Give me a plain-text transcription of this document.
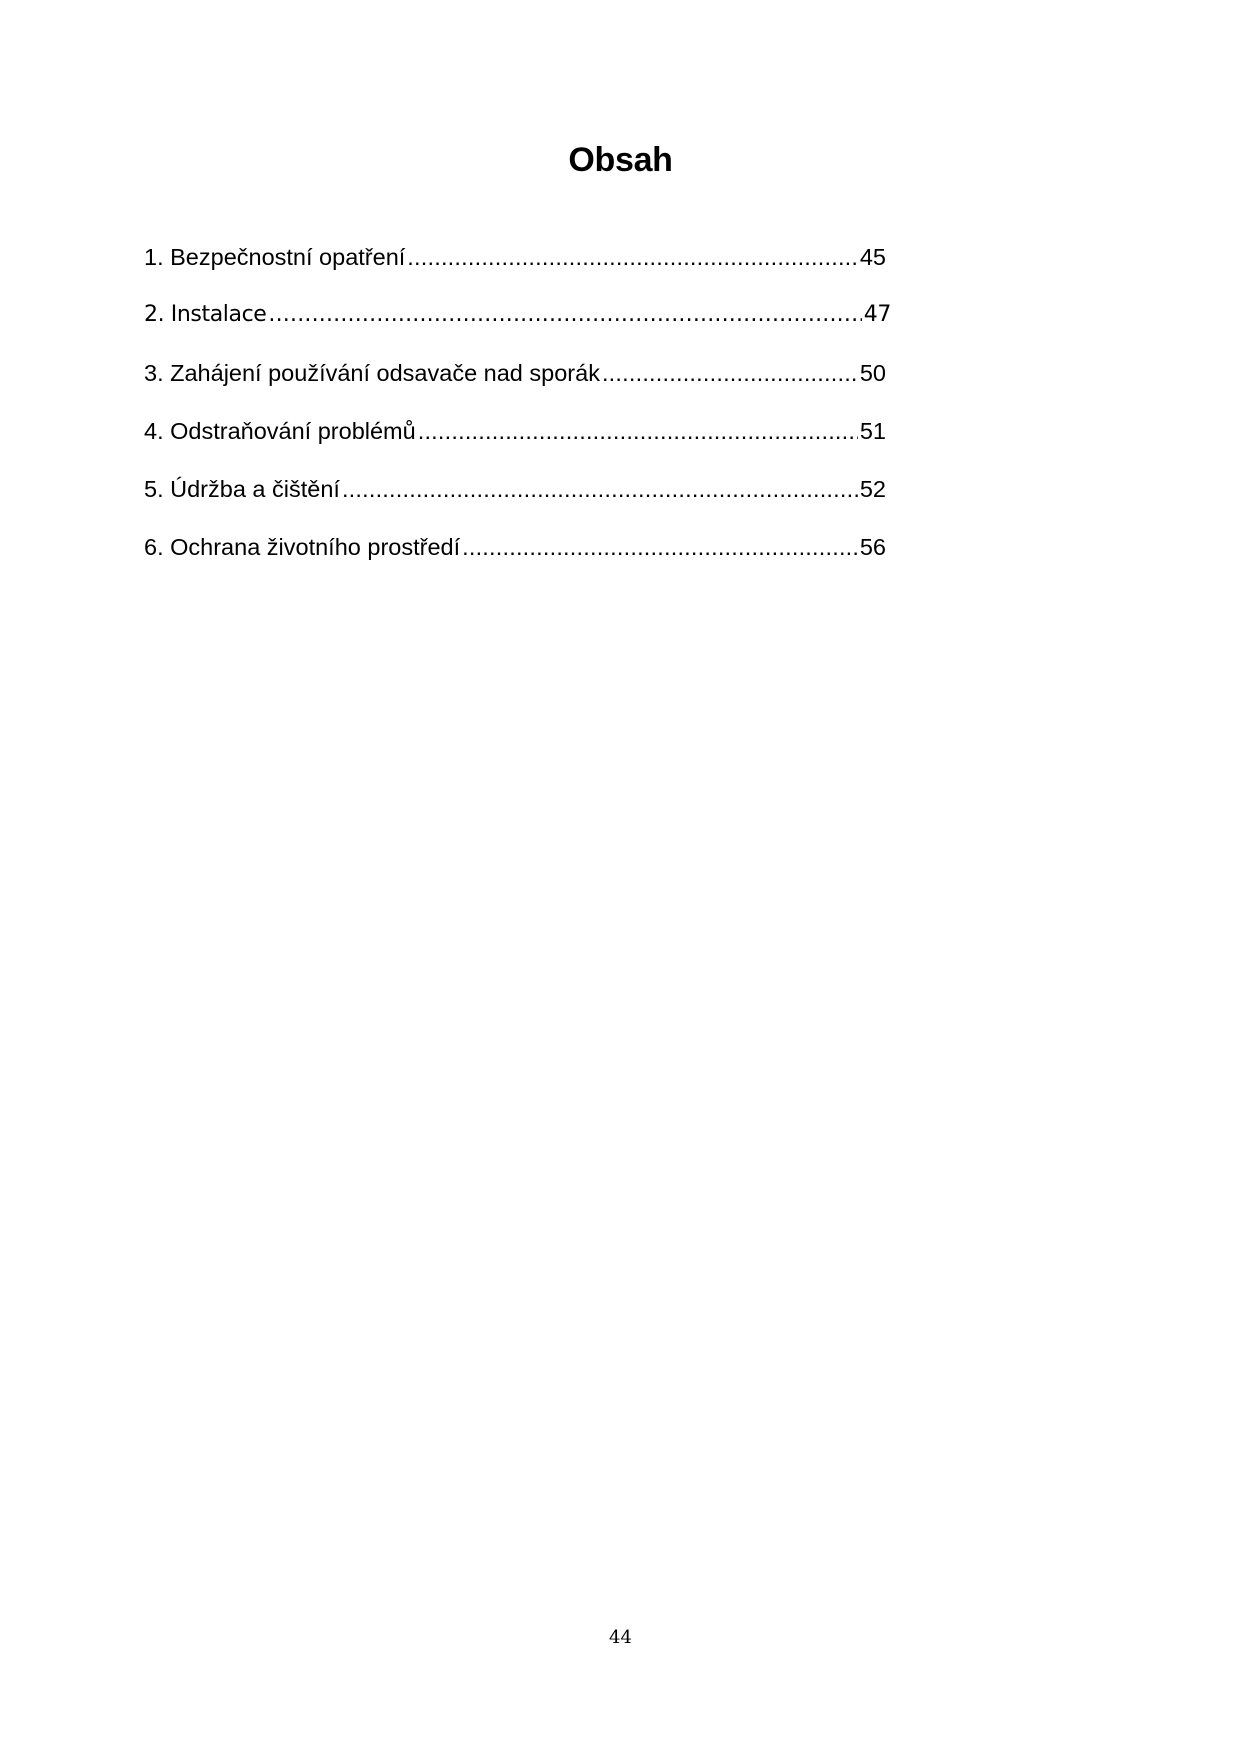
Obsah
1. Bezpečnostní opatření .....	45
2. Instalace .....	47
3. Zahájení používání odsavače nad sporák .....	50
4. Odstraňování problémů .....	51
5. Údržba a čištění .....	52
6. Ochrana životního prostředí .....	56
44
